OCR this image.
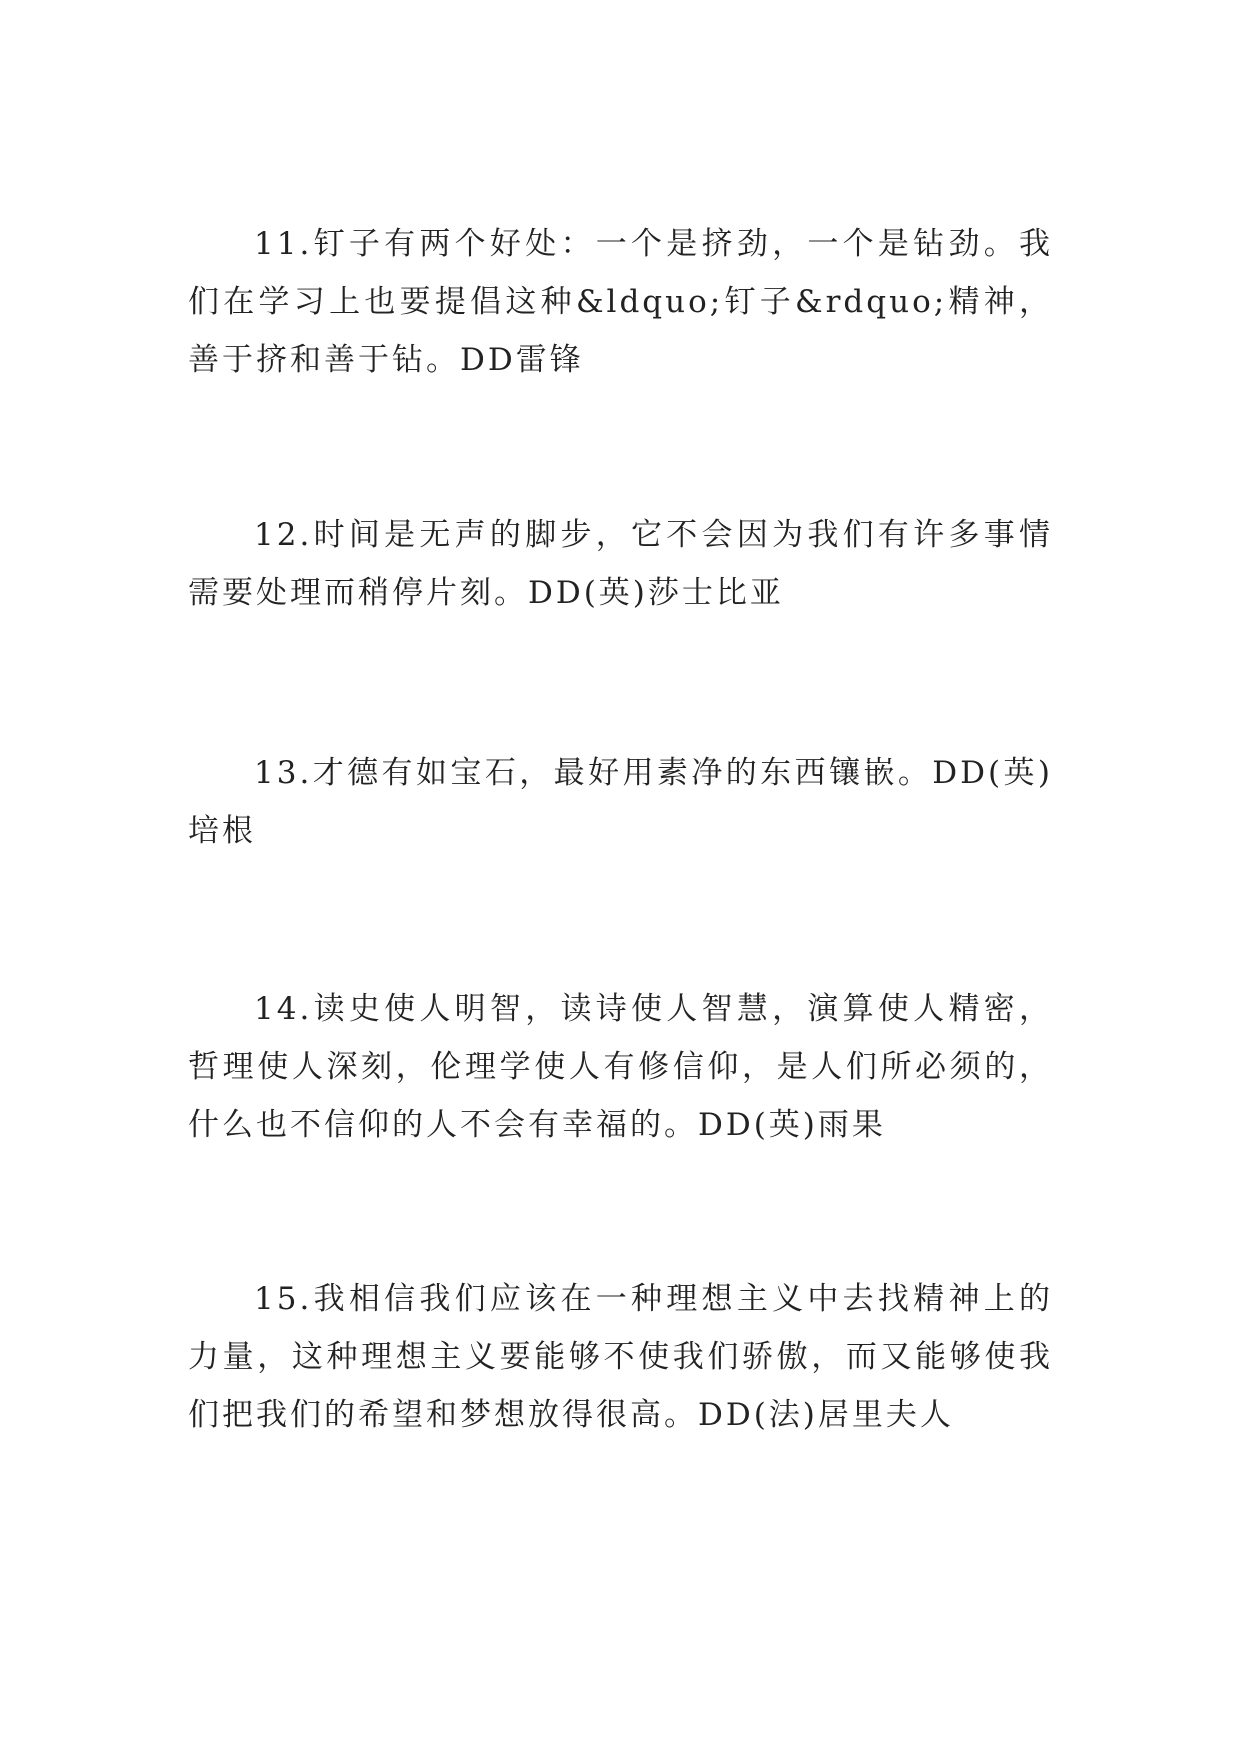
11.钉子有两个好处：一个是挤劲，一个是钻劲。我们在学习上也要提倡这种&ldquo;钉子&rdquo;精神，善于挤和善于钻。DD雷锋

12.时间是无声的脚步，它不会因为我们有许多事情需要处理而稍停片刻。DD(英)莎士比亚

13.才德有如宝石，最好用素净的东西镶嵌。DD(英)培根

14.读史使人明智，读诗使人智慧，演算使人精密，哲理使人深刻，伦理学使人有修信仰，是人们所必须的，什么也不信仰的人不会有幸福的。DD(英)雨果

15.我相信我们应该在一种理想主义中去找精神上的力量，这种理想主义要能够不使我们骄傲，而又能够使我们把我们的希望和梦想放得很高。DD(法)居里夫人
